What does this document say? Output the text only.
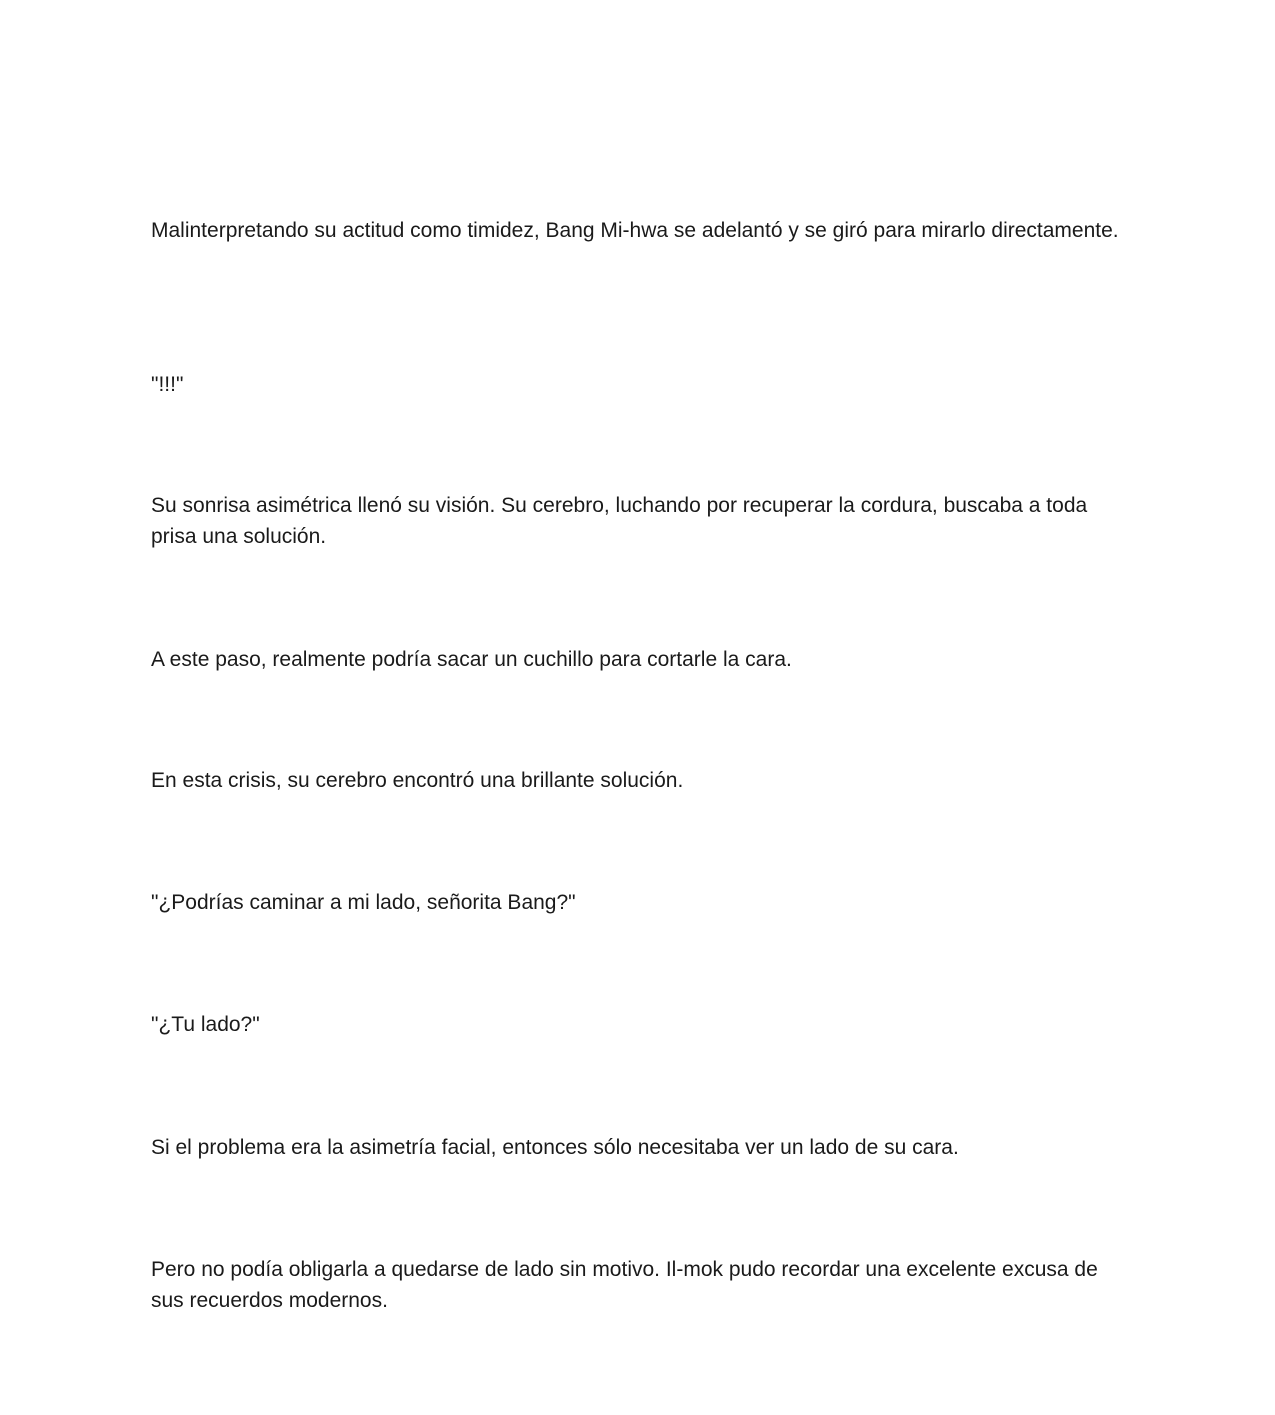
Malinterpretando su actitud como timidez, Bang Mi-hwa se adelantó y se giró para mirarlo directamente.

"!!!"

Su sonrisa asimétrica llenó su visión. Su cerebro, luchando por recuperar la cordura, buscaba a toda prisa una solución.

A este paso, realmente podría sacar un cuchillo para cortarle la cara.

En esta crisis, su cerebro encontró una brillante solución.

"¿Podrías caminar a mi lado, señorita Bang?"

"¿Tu lado?"

Si el problema era la asimetría facial, entonces sólo necesitaba ver un lado de su cara.

Pero no podía obligarla a quedarse de lado sin motivo. Il-mok pudo recordar una excelente excusa de sus recuerdos modernos.
